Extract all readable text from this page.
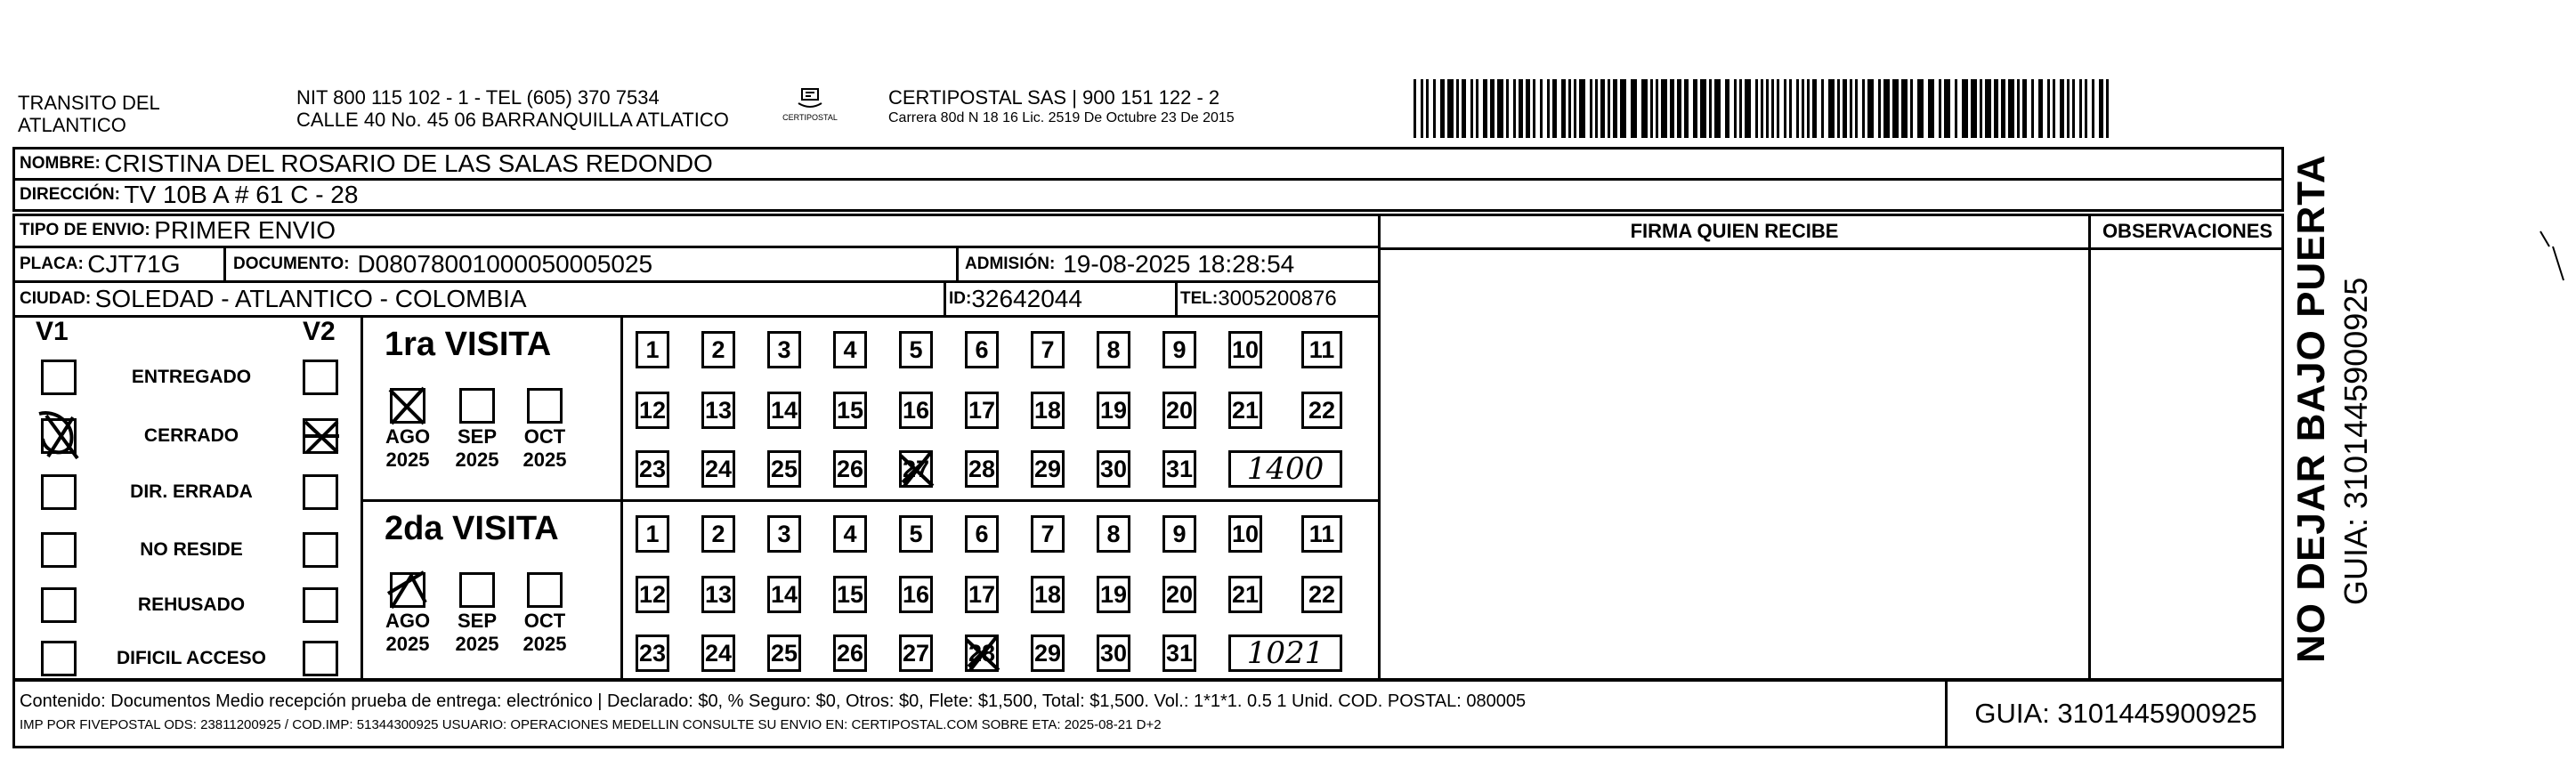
TRANSITO DEL
ATLANTICO
NIT 800 115 102 - 1 - TEL (605) 370 7534
CALLE 40 No. 45 06 BARRANQUILLA ATLATICO	CERTIPOSTAL
CERTIPOSTAL SAS | 900 151 122 - 2
Carrera 80d N 18 16 Lic. 2519 De Octubre 23 De 2015
NOMBRE:
CRISTINA DEL ROSARIO DE LAS SALAS REDONDO
DIRECCIÓN:
TV 10B A # 61 C - 28
FIRMA QUIEN RECIBE	OBSERVACIONES
TIPO DE ENVIO:
PRIMER ENVIO
PLACA:
CJT71G	DOCUMENTO:
D08078001000050005025	ADMISIÓN:
19-08-2025 18:28:54
CIUDAD:
SOLEDAD - ATLANTICO - COLOMBIA	ID: 32642044	TEL: 3005200876
V1	V2
ENTREGADO
CERRADO
DIR. ERRADA
NO RESIDE
REHUSADO
DIFICIL ACCESO
1ra VISITA
AGO
2025
SEP
2025
OCT
2025
1	2	3	4	5	6	7	8	9	10	11
12 13 14 15 16 17 18 19 20 21 22
23 24 25 26 27 28 29 30 31	1400
2da VISITA
AGO
2025
SEP
2025
OCT
2025
1	2	3	4	5	6	7	8	9	10	11
12 13 14 15 16 17 18 19 20 21 22
23 24 25 26 27 28 29 30 31	1021
Contenido: Documentos Medio recepción prueba de entrega: electrónico | Declarado: $0, % Seguro: $0, Otros: $0, Flete: $1,500, Total: $1,500. Vol.: 1*1*1. 0.5 1 Unid. COD. POSTAL: 080005
IMP POR FIVEPOSTAL ODS: 23811200925 / COD.IMP: 51344300925 USUARIO: OPERACIONES MEDELLIN CONSULTE SU ENVIO EN: CERTIPOSTAL.COM SOBRE ETA: 2025-08-21 D+2	GUIA: 3101445900925
NO DEJAR BAJO PUERTA GUIA: 3101445900925
